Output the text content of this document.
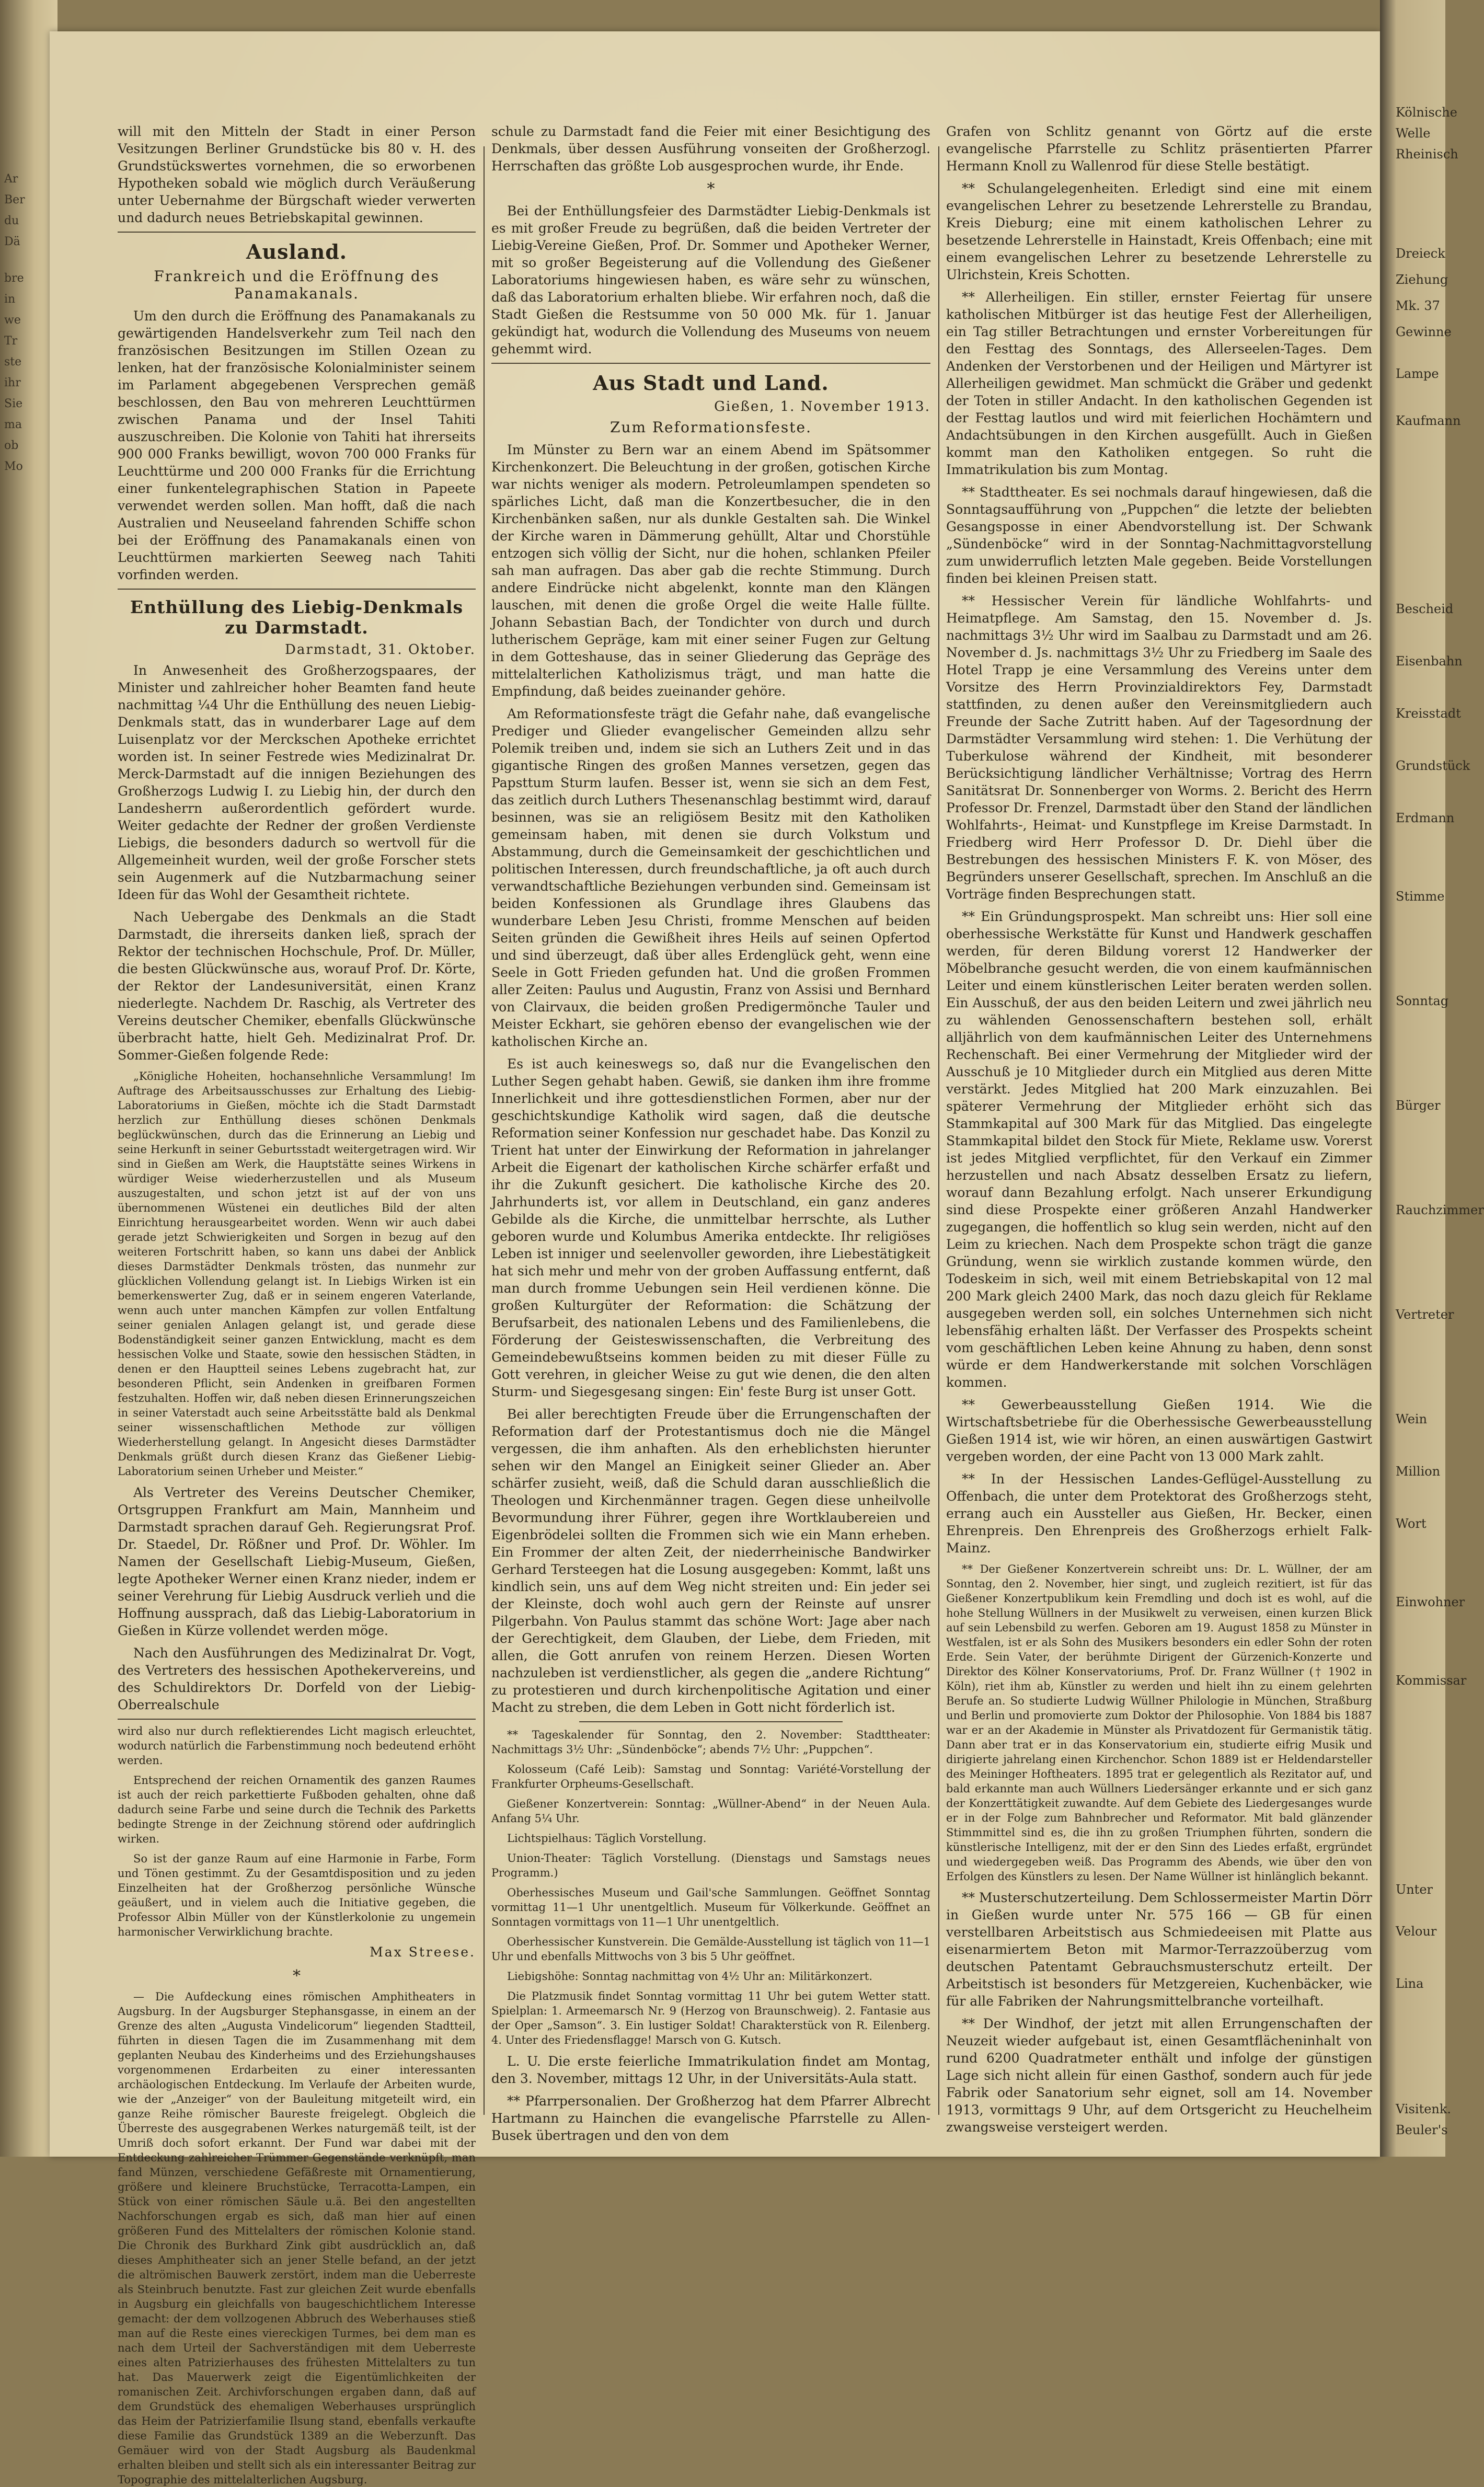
Ar
Ber
du
Dä
bre
in
we
Tr
ste
ihr
Sie
ma
ob
Mo

will mit den Mitteln der Stadt in einer Person Vesitzungen Berliner Grundstücke bis 80 v. H. des Grundstückswertes vornehmen, die so erworbenen Hypotheken sobald wie möglich durch Veräußerung unter Uebernahme der Bürgschaft wieder verwerten und dadurch neues Betriebskapital gewinnen.

Ausland.
Frankreich und die Eröffnung des Panamakanals.

Um den durch die Eröffnung des Panamakanals zu gewärtigenden Handelsverkehr zum Teil nach den französischen Besitzungen im Stillen Ozean zu lenken, hat der französische Kolonialminister seinem im Parlament abgegebenen Versprechen gemäß beschlossen, den Bau von mehreren Leuchttürmen zwischen Panama und der Insel Tahiti auszuschreiben. Die Kolonie von Tahiti hat ihrerseits 900 000 Franks bewilligt, wovon 700 000 Franks für Leuchttürme und 200 000 Franks für die Errichtung einer funkentelegraphischen Station in Papeete verwendet werden sollen. Man hofft, daß die nach Australien und Neuseeland fahrenden Schiffe schon bei der Eröffnung des Panamakanals einen von Leuchttürmen markierten Seeweg nach Tahiti vorfinden werden.

Enthüllung des Liebig-Denkmals zu Darmstadt.
Darmstadt, 31. Oktober.

In Anwesenheit des Großherzogspaares, der Minister und zahlreicher hoher Beamten fand heute nachmittag ¼4 Uhr die Enthüllung des neuen Liebig-Denkmals statt, das in wunderbarer Lage auf dem Luisenplatz vor der Merckschen Apotheke errichtet worden ist. In seiner Festrede wies Medizinalrat Dr. Merck-Darmstadt auf die innigen Beziehungen des Großherzogs Ludwig I. zu Liebig hin, der durch den Landesherrn außerordentlich gefördert wurde. Weiter gedachte der Redner der großen Verdienste Liebigs, die besonders dadurch so wertvoll für die Allgemeinheit wurden, weil der große Forscher stets sein Augenmerk auf die Nutzbarmachung seiner Ideen für das Wohl der Gesamtheit richtete.

Nach Uebergabe des Denkmals an die Stadt Darmstadt, die ihrerseits danken ließ, sprach der Rektor der technischen Hochschule, Prof. Dr. Müller, die besten Glückwünsche aus, worauf Prof. Dr. Körte, der Rektor der Landesuniversität, einen Kranz niederlegte. Nachdem Dr. Raschig, als Vertreter des Vereins deutscher Chemiker, ebenfalls Glückwünsche überbracht hatte, hielt Geh. Medizinalrat Prof. Dr. Sommer-Gießen folgende Rede:

„Königliche Hoheiten, hochansehnliche Versammlung! Im Auftrage des Arbeitsausschusses zur Erhaltung des Liebig-Laboratoriums in Gießen, möchte ich die Stadt Darmstadt herzlich zur Enthüllung dieses schönen Denkmals beglückwünschen, durch das die Erinnerung an Liebig und seine Herkunft in seiner Geburtsstadt weitergetragen wird. Wir sind in Gießen am Werk, die Hauptstätte seines Wirkens in würdiger Weise wiederherzustellen und als Museum auszugestalten, und schon jetzt ist auf der von uns übernommenen Wüstenei ein deutliches Bild der alten Einrichtung herausgearbeitet worden. Wenn wir auch dabei gerade jetzt Schwierigkeiten und Sorgen in bezug auf den weiteren Fortschritt haben, so kann uns dabei der Anblick dieses Darmstädter Denkmals trösten, das nunmehr zur glücklichen Vollendung gelangt ist. In Liebigs Wirken ist ein bemerkenswerter Zug, daß er in seinem engeren Vaterlande, wenn auch unter manchen Kämpfen zur vollen Entfaltung seiner genialen Anlagen gelangt ist, und gerade diese Bodenständigkeit seiner ganzen Entwicklung, macht es dem hessischen Volke und Staate, sowie den hessischen Städten, in denen er den Hauptteil seines Lebens zugebracht hat, zur besonderen Pflicht, sein Andenken in greifbaren Formen festzuhalten. Hoffen wir, daß neben diesen Erinnerungszeichen in seiner Vaterstadt auch seine Arbeitsstätte bald als Denkmal seiner wissenschaftlichen Methode zur völligen Wiederherstellung gelangt. In Angesicht dieses Darmstädter Denkmals grüßt durch diesen Kranz das Gießener Liebig-Laboratorium seinen Urheber und Meister.“

Als Vertreter des Vereins Deutscher Chemiker, Ortsgruppen Frankfurt am Main, Mannheim und Darmstadt sprachen darauf Geh. Regierungsrat Prof. Dr. Staedel, Dr. Rößner und Prof. Dr. Wöhler. Im Namen der Gesellschaft Liebig-Museum, Gießen, legte Apotheker Werner einen Kranz nieder, indem er seiner Verehrung für Liebig Ausdruck verlieh und die Hoffnung aussprach, daß das Liebig-Laboratorium in Gießen in Kürze vollendet werden möge.

Nach den Ausführungen des Medizinalrat Dr. Vogt, des Vertreters des hessischen Apothekervereins, und des Schuldirektors Dr. Dorfeld von der Liebig-Oberrealschule

wird also nur durch reflektierendes Licht magisch erleuchtet, wodurch natürlich die Farbenstimmung noch bedeutend erhöht werden.

Entsprechend der reichen Ornamentik des ganzen Raumes ist auch der reich parkettierte Fußboden gehalten, ohne daß dadurch seine Farbe und seine durch die Technik des Parketts bedingte Strenge in der Zeichnung störend oder aufdringlich wirken.

So ist der ganze Raum auf eine Harmonie in Farbe, Form und Tönen gestimmt. Zu der Gesamtdisposition und zu jeden Einzelheiten hat der Großherzog persönliche Wünsche geäußert, und in vielem auch die Initiative gegeben, die Professor Albin Müller von der Künstlerkolonie zu ungemein harmonischer Verwirklichung brachte.

Max Streese.
*

— Die Aufdeckung eines römischen Amphitheaters in Augsburg. In der Augsburger Stephansgasse, in einem an der Grenze des alten „Augusta Vindelicorum“ liegenden Stadtteil, führten in diesen Tagen die im Zusammenhang mit dem geplanten Neubau des Kinderheims und des Erziehungshauses vorgenommenen Erdarbeiten zu einer interessanten archäologischen Entdeckung. Im Verlaufe der Arbeiten wurde, wie der „Anzeiger“ von der Bauleitung mitgeteilt wird, ein ganze Reihe römischer Baureste freigelegt. Obgleich die Überreste des ausgegrabenen Werkes naturgemäß teilt, ist der Umriß doch sofort erkannt. Der Fund war dabei mit der Entdeckung zahlreicher Trümmer Gegenstände verknüpft, man fand Münzen, verschiedene Gefäßreste mit Ornamentierung, größere und kleinere Bruchstücke, Terracotta-Lampen, ein Stück von einer römischen Säule u.ä. Bei den angestellten Nachforschungen ergab es sich, daß man hier auf einen größeren Fund des Mittelalters der römischen Kolonie stand. Die Chronik des Burkhard Zink gibt ausdrücklich an, daß dieses Amphitheater sich an jener Stelle befand, an der jetzt die altrömischen Bauwerk zerstört, indem man die Ueberreste als Steinbruch benutzte. Fast zur gleichen Zeit wurde ebenfalls in Augsburg ein gleichfalls von baugeschichtlichem Interesse gemacht: der dem vollzogenen Abbruch des Weberhauses stieß man auf die Reste eines viereckigen Turmes, bei dem man es nach dem Urteil der Sachverständigen mit dem Ueberreste eines alten Patrizierhauses des frühesten Mittelalters zu tun hat. Das Mauerwerk zeigt die Eigentümlichkeiten der romanischen Zeit. Archivforschungen ergaben dann, daß auf dem Grundstück des ehemaligen Weberhauses ursprünglich das Heim der Patrizierfamilie Ilsung stand, ebenfalls verkaufte diese Familie das Grundstück 1389 an die Weberzunft. Das Gemäuer wird von der Stadt Augsburg als Baudenkmal erhalten bleiben und stellt sich als ein interessanter Beitrag zur Topographie des mittelalterlichen Augsburg.

schule zu Darmstadt fand die Feier mit einer Besichtigung des Denkmals, über dessen Ausführung vonseiten der Großherzogl. Herrschaften das größte Lob ausgesprochen wurde, ihr Ende.

*

Bei der Enthüllungsfeier des Darmstädter Liebig-Denkmals ist es mit großer Freude zu begrüßen, daß die beiden Vertreter der Liebig-Vereine Gießen, Prof. Dr. Sommer und Apotheker Werner, mit so großer Begeisterung auf die Vollendung des Gießener Laboratoriums hingewiesen haben, es wäre sehr zu wünschen, daß das Laboratorium erhalten bliebe. Wir erfahren noch, daß die Stadt Gießen die Restsumme von 50 000 Mk. für 1. Januar gekündigt hat, wodurch die Vollendung des Museums von neuem gehemmt wird.

Aus Stadt und Land.
Gießen, 1. November 1913.
Zum Reformationsfeste.

Im Münster zu Bern war an einem Abend im Spätsommer Kirchenkonzert. Die Beleuchtung in der großen, gotischen Kirche war nichts weniger als modern. Petroleumlampen spendeten so spärliches Licht, daß man die Konzertbesucher, die in den Kirchenbänken saßen, nur als dunkle Gestalten sah. Die Winkel der Kirche waren in Dämmerung gehüllt, Altar und Chorstühle entzogen sich völlig der Sicht, nur die hohen, schlanken Pfeiler sah man aufragen. Das aber gab die rechte Stimmung. Durch andere Eindrücke nicht abgelenkt, konnte man den Klängen lauschen, mit denen die große Orgel die weite Halle füllte. Johann Sebastian Bach, der Tondichter von durch und durch lutherischem Gepräge, kam mit einer seiner Fugen zur Geltung in dem Gotteshause, das in seiner Gliederung das Gepräge des mittelalterlichen Katholizismus trägt, und man hatte die Empfindung, daß beides zueinander gehöre.

Am Reformationsfeste trägt die Gefahr nahe, daß evangelische Prediger und Glieder evangelischer Gemeinden allzu sehr Polemik treiben und, indem sie sich an Luthers Zeit und in das gigantische Ringen des großen Mannes versetzen, gegen das Papsttum Sturm laufen. Besser ist, wenn sie sich an dem Fest, das zeitlich durch Luthers Thesenanschlag bestimmt wird, darauf besinnen, was sie an religiösem Besitz mit den Katholiken gemeinsam haben, mit denen sie durch Volkstum und Abstammung, durch die Gemeinsamkeit der geschichtlichen und politischen Interessen, durch freundschaftliche, ja oft auch durch verwandtschaftliche Beziehungen verbunden sind. Gemeinsam ist beiden Konfessionen als Grundlage ihres Glaubens das wunderbare Leben Jesu Christi, fromme Menschen auf beiden Seiten gründen die Gewißheit ihres Heils auf seinen Opfertod und sind überzeugt, daß über alles Erdenglück geht, wenn eine Seele in Gott Frieden gefunden hat. Und die großen Frommen aller Zeiten: Paulus und Augustin, Franz von Assisi und Bernhard von Clairvaux, die beiden großen Predigermönche Tauler und Meister Eckhart, sie gehören ebenso der evangelischen wie der katholischen Kirche an.

Es ist auch keineswegs so, daß nur die Evangelischen den Luther Segen gehabt haben. Gewiß, sie danken ihm ihre fromme Innerlichkeit und ihre gottesdienstlichen Formen, aber nur der geschichtskundige Katholik wird sagen, daß die deutsche Reformation seiner Konfession nur geschadet habe. Das Konzil zu Trient hat unter der Einwirkung der Reformation in jahrelanger Arbeit die Eigenart der katholischen Kirche schärfer erfaßt und ihr die Zukunft gesichert. Die katholische Kirche des 20. Jahrhunderts ist, vor allem in Deutschland, ein ganz anderes Gebilde als die Kirche, die unmittelbar herrschte, als Luther geboren wurde und Kolumbus Amerika entdeckte. Ihr religiöses Leben ist inniger und seelenvoller geworden, ihre Liebestätigkeit hat sich mehr und mehr von der groben Auffassung entfernt, daß man durch fromme Uebungen sein Heil verdienen könne. Die großen Kulturgüter der Reformation: die Schätzung der Berufsarbeit, des nationalen Lebens und des Familienlebens, die Förderung der Geisteswissenschaften, die Verbreitung des Gemeindebewußtseins kommen beiden zu mit dieser Fülle zu Gott verehren, in gleicher Weise zu gut wie denen, die den alten Sturm- und Siegesgesang singen: Ein' feste Burg ist unser Gott.

Bei aller berechtigten Freude über die Errungenschaften der Reformation darf der Protestantismus doch nie die Mängel vergessen, die ihm anhaften. Als den erheblichsten hierunter sehen wir den Mangel an Einigkeit seiner Glieder an. Aber schärfer zusieht, weiß, daß die Schuld daran ausschließlich die Theologen und Kirchenmänner tragen. Gegen diese unheilvolle Bevormundung ihrer Führer, gegen ihre Wortklaubereien und Eigenbrödelei sollten die Frommen sich wie ein Mann erheben. Ein Frommer der alten Zeit, der niederrheinische Bandwirker Gerhard Tersteegen hat die Losung ausgegeben: Kommt, laßt uns kindlich sein, uns auf dem Weg nicht streiten und: Ein jeder sei der Kleinste, doch wohl auch gern der Reinste auf unsrer Pilgerbahn. Von Paulus stammt das schöne Wort: Jage aber nach der Gerechtigkeit, dem Glauben, der Liebe, dem Frieden, mit allen, die Gott anrufen von reinem Herzen. Diesen Worten nachzuleben ist verdienstlicher, als gegen die „andere Richtung“ zu protestieren und durch kirchenpolitische Agitation und einer Macht zu streben, die dem Leben in Gott nicht förderlich ist.

** Tageskalender für Sonntag, den 2. November: Stadttheater: Nachmittags 3½ Uhr: „Sündenböcke“; abends 7½ Uhr: „Puppchen“.

Kolosseum (Café Leib): Samstag und Sonntag: Variété-Vorstellung der Frankfurter Orpheums-Gesellschaft.

Gießener Konzertverein: Sonntag: „Wüllner-Abend“ in der Neuen Aula. Anfang 5¼ Uhr.

Lichtspielhaus: Täglich Vorstellung.

Union-Theater: Täglich Vorstellung. (Dienstags und Samstags neues Programm.)

Oberhessisches Museum und Gail'sche Sammlungen. Geöffnet Sonntag vormittag 11—1 Uhr unentgeltlich. Museum für Völkerkunde. Geöffnet an Sonntagen vormittags von 11—1 Uhr unentgeltlich.

Oberhessischer Kunstverein. Die Gemälde-Ausstellung ist täglich von 11—1 Uhr und ebenfalls Mittwochs von 3 bis 5 Uhr geöffnet.

Liebigshöhe: Sonntag nachmittag von 4½ Uhr an: Militärkonzert.

Die Platzmusik findet Sonntag vormittag 11 Uhr bei gutem Wetter statt. Spielplan: 1. Armeemarsch Nr. 9 (Herzog von Braunschweig). 2. Fantasie aus der Oper „Samson“. 3. Ein lustiger Soldat! Charakterstück von R. Eilenberg. 4. Unter des Friedensflagge! Marsch von G. Kutsch.

L. U. Die erste feierliche Immatrikulation findet am Montag, den 3. November, mittags 12 Uhr, in der Universitäts-Aula statt.

** Pfarrpersonalien. Der Großherzog hat dem Pfarrer Albrecht Hartmann zu Hainchen die evangelische Pfarrstelle zu Allen-Busek übertragen und den von dem

Grafen von Schlitz genannt von Görtz auf die erste evangelische Pfarrstelle zu Schlitz präsentierten Pfarrer Hermann Knoll zu Wallenrod für diese Stelle bestätigt.

** Schulangelegenheiten. Erledigt sind eine mit einem evangelischen Lehrer zu besetzende Lehrerstelle zu Brandau, Kreis Dieburg; eine mit einem katholischen Lehrer zu besetzende Lehrerstelle in Hainstadt, Kreis Offenbach; eine mit einem evangelischen Lehrer zu besetzende Lehrerstelle zu Ulrichstein, Kreis Schotten.

** Allerheiligen. Ein stiller, ernster Feiertag für unsere katholischen Mitbürger ist das heutige Fest der Allerheiligen, ein Tag stiller Betrachtungen und ernster Vorbereitungen für den Festtag des Sonntags, des Allerseelen-Tages. Dem Andenken der Verstorbenen und der Heiligen und Märtyrer ist Allerheiligen gewidmet. Man schmückt die Gräber und gedenkt der Toten in stiller Andacht. In den katholischen Gegenden ist der Festtag lautlos und wird mit feierlichen Hochämtern und Andachtsübungen in den Kirchen ausgefüllt. Auch in Gießen kommt man den Katholiken entgegen. So ruht die Immatrikulation bis zum Montag.

** Stadttheater. Es sei nochmals darauf hingewiesen, daß die Sonntagsaufführung von „Puppchen“ die letzte der beliebten Gesangsposse in einer Abendvorstellung ist. Der Schwank „Sündenböcke“ wird in der Sonntag-Nachmittagvorstellung zum unwiderruflich letzten Male gegeben. Beide Vorstellungen finden bei kleinen Preisen statt.

** Hessischer Verein für ländliche Wohlfahrts- und Heimatpflege. Am Samstag, den 15. November d. Js. nachmittags 3½ Uhr wird im Saalbau zu Darmstadt und am 26. November d. Js. nachmittags 3½ Uhr zu Friedberg im Saale des Hotel Trapp je eine Versammlung des Vereins unter dem Vorsitze des Herrn Provinzialdirektors Fey, Darmstadt stattfinden, zu denen außer den Vereinsmitgliedern auch Freunde der Sache Zutritt haben. Auf der Tagesordnung der Darmstädter Versammlung wird stehen: 1. Die Verhütung der Tuberkulose während der Kindheit, mit besonderer Berücksichtigung ländlicher Verhältnisse; Vortrag des Herrn Sanitätsrat Dr. Sonnenberger von Worms. 2. Bericht des Herrn Professor Dr. Frenzel, Darmstadt über den Stand der ländlichen Wohlfahrts-, Heimat- und Kunstpflege im Kreise Darmstadt. In Friedberg wird Herr Professor D. Dr. Diehl über die Bestrebungen des hessischen Ministers F. K. von Möser, des Begründers unserer Gesellschaft, sprechen. Im Anschluß an die Vorträge finden Besprechungen statt.

** Ein Gründungsprospekt. Man schreibt uns: Hier soll eine oberhessische Werkstätte für Kunst und Handwerk geschaffen werden, für deren Bildung vorerst 12 Handwerker der Möbelbranche gesucht werden, die von einem kaufmännischen Leiter und einem künstlerischen Leiter beraten werden sollen. Ein Ausschuß, der aus den beiden Leitern und zwei jährlich neu zu wählenden Genossenschaftern bestehen soll, erhält alljährlich von dem kaufmännischen Leiter des Unternehmens Rechenschaft. Bei einer Vermehrung der Mitglieder wird der Ausschuß je 10 Mitglieder durch ein Mitglied aus deren Mitte verstärkt. Jedes Mitglied hat 200 Mark einzuzahlen. Bei späterer Vermehrung der Mitglieder erhöht sich das Stammkapital auf 300 Mark für das Mitglied. Das eingelegte Stammkapital bildet den Stock für Miete, Reklame usw. Vorerst ist jedes Mitglied verpflichtet, für den Verkauf ein Zimmer herzustellen und nach Absatz desselben Ersatz zu liefern, worauf dann Bezahlung erfolgt. Nach unserer Erkundigung sind diese Prospekte einer größeren Anzahl Handwerker zugegangen, die hoffentlich so klug sein werden, nicht auf den Leim zu kriechen. Nach dem Prospekte schon trägt die ganze Gründung, wenn sie wirklich zustande kommen würde, den Todeskeim in sich, weil mit einem Betriebskapital von 12 mal 200 Mark gleich 2400 Mark, das noch dazu gleich für Reklame ausgegeben werden soll, ein solches Unternehmen sich nicht lebensfähig erhalten läßt. Der Verfasser des Prospekts scheint vom geschäftlichen Leben keine Ahnung zu haben, denn sonst würde er dem Handwerkerstande mit solchen Vorschlägen kommen.

** Gewerbeausstellung Gießen 1914. Wie die Wirtschaftsbetriebe für die Oberhessische Gewerbeausstellung Gießen 1914 ist, wie wir hören, an einen auswärtigen Gastwirt vergeben worden, der eine Pacht von 13 000 Mark zahlt.

** In der Hessischen Landes-Geflügel-Ausstellung zu Offenbach, die unter dem Protektorat des Großherzogs steht, errang auch ein Aussteller aus Gießen, Hr. Becker, einen Ehrenpreis. Den Ehrenpreis des Großherzogs erhielt Falk-Mainz.

** Der Gießener Konzertverein schreibt uns: Dr. L. Wüllner, der am Sonntag, den 2. November, hier singt, und zugleich rezitiert, ist für das Gießener Konzertpublikum kein Fremdling und doch ist es wohl, auf die hohe Stellung Wüllners in der Musikwelt zu verweisen, einen kurzen Blick auf sein Lebensbild zu werfen. Geboren am 19. August 1858 zu Münster in Westfalen, ist er als Sohn des Musikers besonders ein edler Sohn der roten Erde. Sein Vater, der berühmte Dirigent der Gürzenich-Konzerte und Direktor des Kölner Konservatoriums, Prof. Dr. Franz Wüllner († 1902 in Köln), riet ihm ab, Künstler zu werden und hielt ihn zu einem gelehrten Berufe an. So studierte Ludwig Wüllner Philologie in München, Straßburg und Berlin und promovierte zum Doktor der Philosophie. Von 1884 bis 1887 war er an der Akademie in Münster als Privatdozent für Germanistik tätig. Dann aber trat er in das Konservatorium ein, studierte eifrig Musik und dirigierte jahrelang einen Kirchenchor. Schon 1889 ist er Heldendarsteller des Meininger Hoftheaters. 1895 trat er gelegentlich als Rezitator auf, und bald erkannte man auch Wüllners Liedersänger erkannte und er sich ganz der Konzerttätigkeit zuwandte. Auf dem Gebiete des Liedergesanges wurde er in der Folge zum Bahnbrecher und Reformator. Mit bald glänzender Stimmmittel sind es, die ihn zu großen Triumphen führten, sondern die künstlerische Intelligenz, mit der er den Sinn des Liedes erfaßt, ergründet und wiedergegeben weiß. Das Programm des Abends, wie über den von Erfolgen des Künstlers zu lesen. Der Name Wüllner ist hinlänglich bekannt.

** Musterschutzerteilung. Dem Schlossermeister Martin Dörr in Gießen wurde unter Nr. 575 166 — GB für einen verstellbaren Arbeitstisch aus Schmiedeeisen mit Platte aus eisenarmiertem Beton mit Marmor-Terrazzoüberzug vom deutschen Patentamt Gebrauchsmusterschutz erteilt. Der Arbeitstisch ist besonders für Metzgereien, Kuchenbäcker, wie für alle Fabriken der Nahrungsmittelbranche vorteilhaft.

** Der Windhof, der jetzt mit allen Errungenschaften der Neuzeit wieder aufgebaut ist, einen Gesamtflächeninhalt von rund 6200 Quadratmeter enthält und infolge der günstigen Lage sich nicht allein für einen Gasthof, sondern auch für jede Fabrik oder Sanatorium sehr eignet, soll am 14. November 1913, vormittags 9 Uhr, auf dem Ortsgericht zu Heuchelheim zwangsweise versteigert werden.

Kölnische
Welle
Rheinisch
Dreieck
Ziehung
Mk. 37
Gewinne
Lampe
Kaufmann
Bescheid
Eisenbahn
Kreisstadt
Grundstück
Erdmann
Stimme
Sonntag
Bürger
Rauchzimmer
Vertreter
Wein
Million
Wort
Einwohner
Kommissar
Unter
Velour
Lina
Visitenk.
Beuler's
